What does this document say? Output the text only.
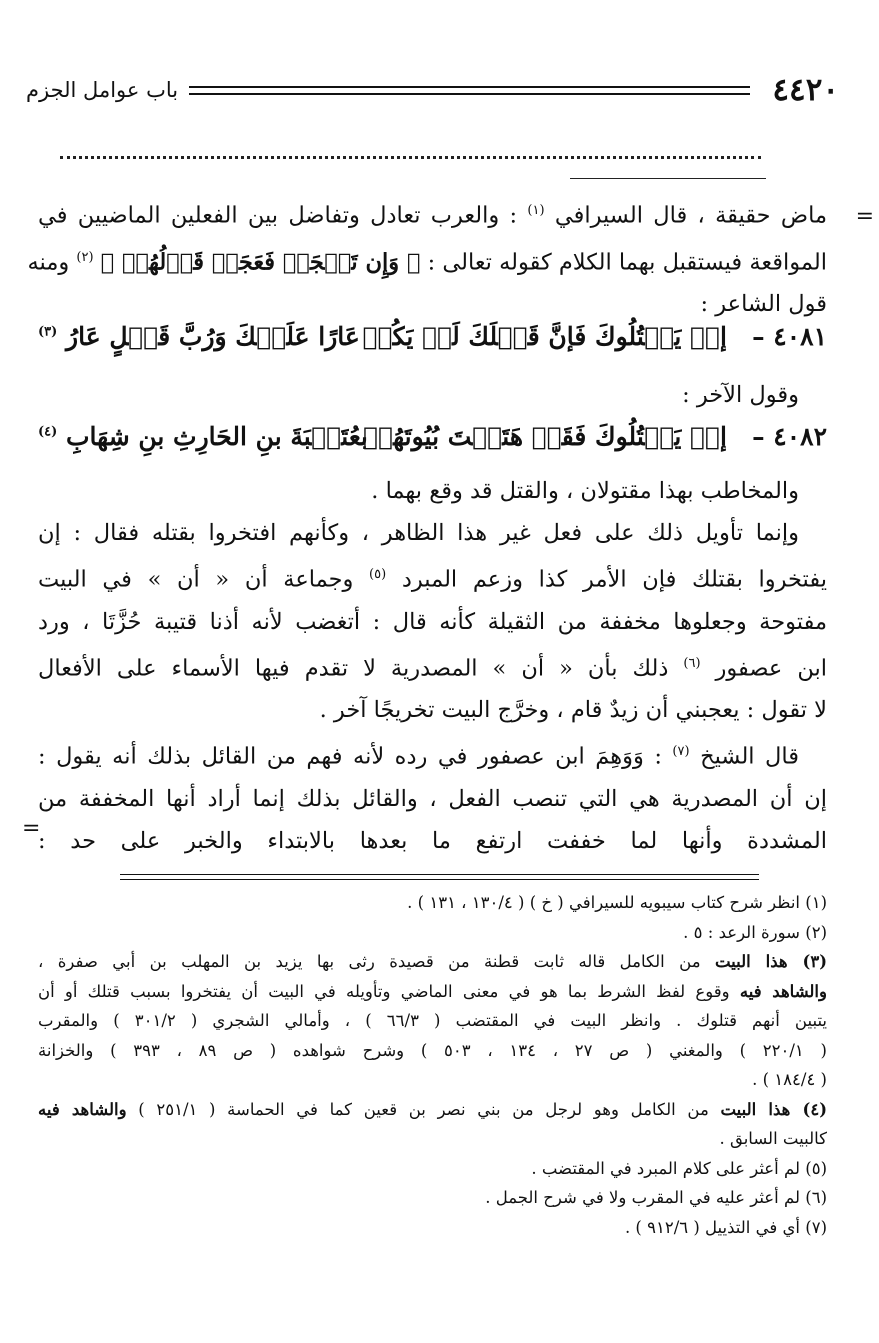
٤٤٢٠
باب عوامل الجزم
=
ماض حقيقة ، قال السيرافي $^{(١)}$ : والعرب تعادل وتفاضل بين الفعلين الماضيين في
المواقعة فيستقبل بهما الكلام كقوله تعالى : ﴿ وَإِن تَعۡجَبۡ فَعَجَبٞ قَوۡلُهُمۡ ﴾ $^{(٢)}$ ومنه
قول الشاعر :
٤٠٨١ –
إنۡ يَقۡتُلُوكَ فَإنَّ قَتۡلَكَ لَمۡ يَكُنۡ
عَارًا عَلَيۡكَ وَرُبَّ قَتۡلٍ عَارُ $^{(٣)}$
وقول الآخر :
٤٠٨٢ –
إنۡ يَقۡتُلُوكَ فَقَدۡ هَتَكۡتَ بُيُوتَهُمۡ
بعُتَيۡبَةَ بنِ الحَارِثِ بنِ شِهَابِ $^{(٤)}$
والمخاطب بهذا مقتولان ، والقتل قد وقع بهما .
وإنما تأويل ذلك على فعل غير هذا الظاهر ، وكأنهم افتخروا بقتله فقال : إن
يفتخروا بقتلك فإن الأمر كذا وزعم المبرد $^{(٥)}$ وجماعة أن « أن » في البيت
مفتوحة وجعلوها مخففة من الثقيلة كأنه قال : أتغضب لأنه أذنا قتيبة حُزَّتَا ، ورد
ابن عصفور $^{(٦)}$ ذلك بأن « أن » المصدرية لا تقدم فيها الأسماء على الأفعال
لا تقول : يعجبني أن زيدٌ قام ، وخرَّج البيت تخريجًا آخر .
قال الشيخ $^{(٧)}$ : وَوَهِمَ ابن عصفور في رده لأنه فهم من القائل بذلك أنه يقول :
إن أن المصدرية هي التي تنصب الفعل ، والقائل بذلك إنما أراد أنها المخففة من
المشددة وأنها لما خففت ارتفع ما بعدها بالابتداء والخبر على حد :
=
(١) انظر شرح كتاب سيبويه للسيرافي ( خ ) ( ١٣٠/٤ ، ١٣١ ) .
(٢) سورة الرعد : ٥ .
(٣) هذا البيت من الكامل قاله ثابت قطنة من قصيدة رثى بها يزيد بن المهلب بن أبي صفرة ،
والشاهد فيه وقوع لفظ الشرط بما هو في معنى الماضي وتأويله في البيت أن يفتخروا بسبب قتلك أو أن
يتبين أنهم قتلوك . وانظر البيت في المقتضب ( ٦٦/٣ ) ، وأمالي الشجري ( ٣٠١/٢ ) والمقرب
( ٢٢٠/١ ) والمغني ( ص ٢٧ ، ١٣٤ ، ٥٠٣ ) وشرح شواهده ( ص ٨٩ ، ٣٩٣ ) والخزانة
( ١٨٤/٤ ) .
(٤) هذا البيت من الكامل وهو لرجل من بني نصر بن قعين كما في الحماسة ( ٢٥١/١ ) والشاهد فيه
كالبيت السابق .
(٥) لم أعثر على كلام المبرد في المقتضب .
(٦) لم أعثر عليه في المقرب ولا في شرح الجمل .
(٧) أي في التذييل ( ٩١٢/٦ ) .
